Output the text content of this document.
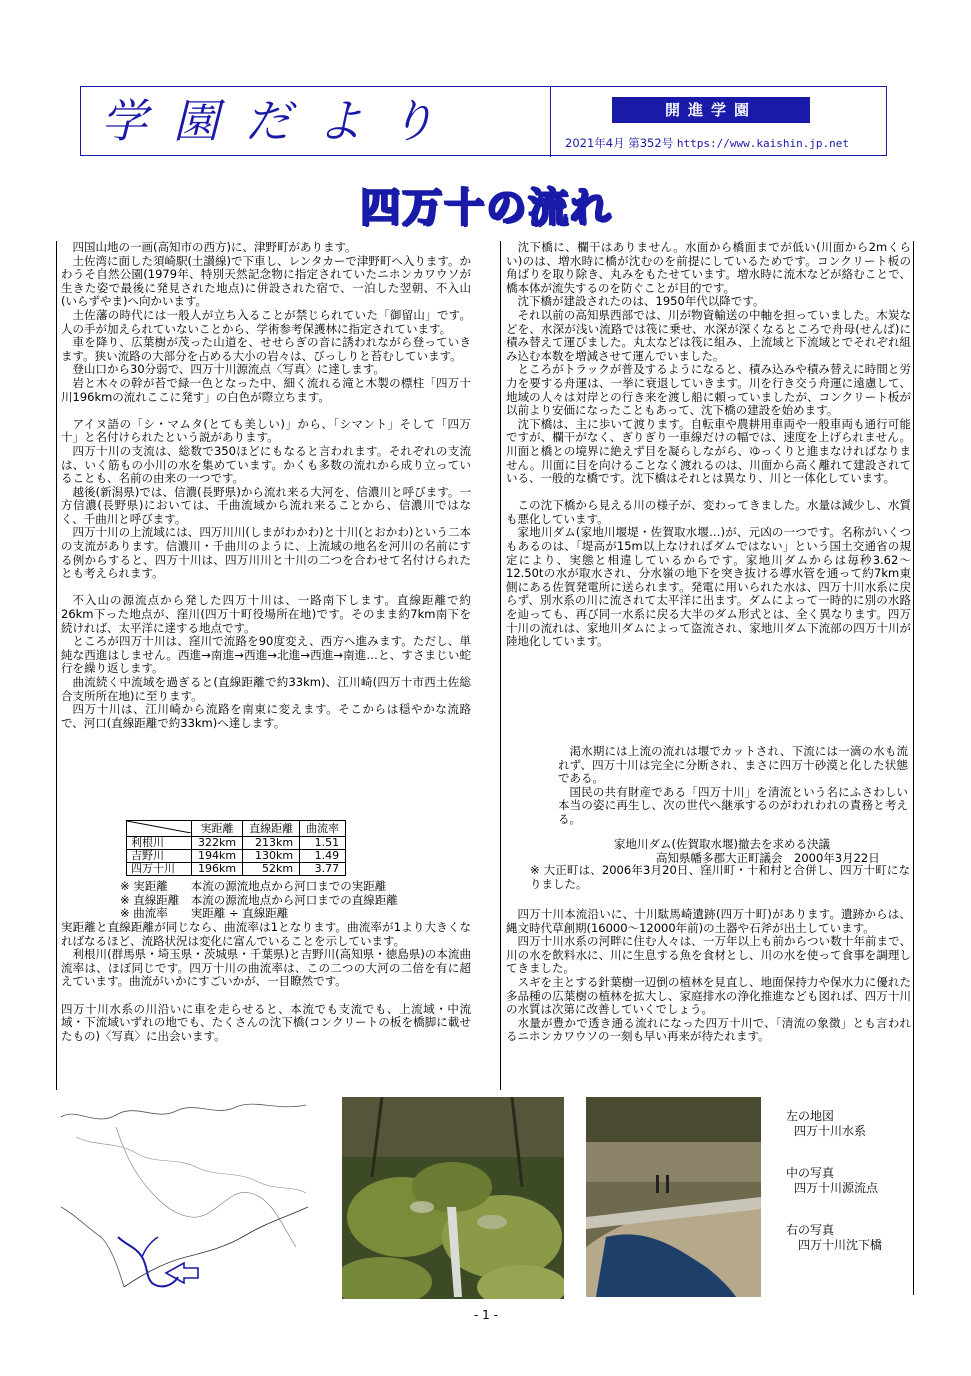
学園だより	開進学園
2021年4月 第352号 https://www.kaishin.jp.net
四万十の流れ

四国山地の一画(高知市の西方)に、津野町があります。

土佐湾に面した須崎駅(土讃線)で下車し、レンタカーで津野町へ入ります。かわうそ自然公園(1979年、特別天然記念物に指定されていたニホンカワウソが生きた姿で最後に発見された地点)に併設された宿で、一泊した翌朝、不入山(いらずやま)へ向かいます。

土佐藩の時代には一般人が立ち入ることが禁じられていた「御留山」です。人の手が加えられていないことから、学術参考保護林に指定されています。

車を降り、広葉樹が茂った山道を、せせらぎの音に誘われながら登っていきます。狭い流路の大部分を占める大小の岩々は、びっしりと苔むしています。

登山口から30分弱で、四万十川源流点〈写真〉に達します。

岩と木々の幹が苔で緑一色となった中、細く流れる滝と木製の標柱「四万十川196kmの流れここに発す」の白色が際立ちます。

アイヌ語の「シ・マムタ(とても美しい)」から、「シマント」そして「四万十」と名付けられたという説があります。

四万十川の支流は、総数で350ほどにもなると言われます。それぞれの支流は、いく筋もの小川の水を集めています。かくも多数の流れから成り立っていることも、名前の由来の一つです。

越後(新潟県)では、信濃(長野県)から流れ来る大河を、信濃川と呼びます。一方信濃(長野県)においては、千曲流域から流れ来ることから、信濃川ではなく、千曲川と呼びます。

四万十川の上流域には、四万川川(しまがわかわ)と十川(とおかわ)という二本の支流があります。信濃川・千曲川のように、上流域の地名を河川の名前にする例からすると、四万十川は、四万川川と十川の二つを合わせて名付けられたとも考えられます。

不入山の源流点から発した四万十川は、一路南下します。直線距離で約26km下った地点が、窪川(四万十町役場所在地)です。そのまま約7km南下を続ければ、太平洋に達する地点です。

ところが四万十川は、窪川で流路を90度変え、西方へ進みます。ただし、単純な西進はしません。西進→南進→西進→北進→西進→南進…と、すさまじい蛇行を繰り返します。

曲流続く中流域を過ぎると(直線距離で約33km)、江川崎(四万十市西土佐総合支所所在地)に至ります。

四万十川は、江川崎から流路を南東に変えます。そこからは穏やかな流路で、河口(直線距離で約33km)へ達します。

	実距離	直線距離	曲流率
利根川	322km	213km	1.51
吉野川	194km	130km	1.49
四万十川	196km	52km	3.77
※ 実距離　　本流の源流地点から河口までの実距離
※ 直線距離　本流の源流地点から河口までの直線距離
※ 曲流率　　実距離 ÷ 直線距離

実距離と直線距離が同じなら、曲流率は1となります。曲流率が1より大きくなればなるほど、流路状況は変化に富んでいることを示しています。

利根川(群馬県・埼玉県・茨城県・千葉県)と吉野川(高知県・徳島県)の本流曲流率は、ほぼ同じです。四万十川の曲流率は、この二つの大河の二倍を有に超えています。曲流がいかにすごいかが、一目瞭然です。

四万十川水系の川沿いに車を走らせると、本流でも支流でも、上流域・中流域・下流域いずれの地でも、たくさんの沈下橋(コンクリートの板を橋脚に載せたもの)〈写真〉に出会います。

沈下橋に、欄干はありません。水面から橋面までが低い(川面から2mくらい)のは、増水時に橋が沈むのを前提にしているためです。コンクリート板の角ばりを取り除き、丸みをもたせています。増水時に流木などが絡むことで、橋本体が流失するのを防ぐことが目的です。

沈下橋が建設されたのは、1950年代以降です。

それ以前の高知県西部では、川が物資輸送の中軸を担っていました。木炭などを、水深が浅い流路では筏に乗せ、水深が深くなるところで舟母(せんば)に積み替えて運びました。丸太などは筏に組み、上流域と下流域とでそれぞれ組み込む本数を増減させて運んでいました。

ところがトラックが普及するようになると、積み込みや積み替えに時間と労力を要する舟運は、一挙に衰退していきます。川を行き交う舟運に遠慮して、地域の人々は対岸との行き来を渡し船に頼っていましたが、コンクリート板が以前より安価になったこともあって、沈下橋の建設を始めます。

沈下橋は、主に歩いて渡ります。自転車や農耕用車両や一般車両も通行可能ですが、欄干がなく、ぎりぎり一車線だけの幅では、速度を上げられません。川面と橋との境界に絶えず目を凝らしながら、ゆっくりと進まなければなりません。川面に目を向けることなく渡れるのは、川面から高く離れて建設されている、一般的な橋です。沈下橋はそれとは異なり、川と一体化しています。

この沈下橋から見える川の様子が、変わってきました。水量は減少し、水質も悪化しています。

家地川ダム(家地川堰堤・佐賀取水堰…)が、元凶の一つです。名称がいくつもあるのは、「堤高が15m以上なければダムではない」という国土交通省の規定により、実態と相違しているからです。家地川ダムからは毎秒3.62～12.50tの水が取水され、分水嶺の地下を突き抜ける導水管を通って約7km東側にある佐賀発電所に送られます。発電に用いられた水は、四万十川水系に戻らず、別水系の川に流されて太平洋に出ます。ダムによって一時的に別の水路を辿っても、再び同一水系に戻る大半のダム形式とは、全く異なります。四万十川の流れは、家地川ダムによって盗流され、家地川ダム下流部の四万十川が陸地化しています。

渇水期には上流の流れは堰でカットされ、下流には一滴の水も流れず、四万十川は完全に分断され、まさに四万十砂漠と化した状態である。

国民の共有財産である「四万十川」を清流という名にふさわしい本当の姿に再生し、次の世代へ継承するのがわれわれの責務と考える。

家地川ダム(佐賀取水堰)撤去を求める決議
高知県幡多郡大正町議会　2000年3月22日

※ 大正町は、2006年3月20日、窪川町・十和村と合併し、四万十町になりました。

四万十川本流沿いに、十川駄馬崎遺跡(四万十町)があります。遺跡からは、縄文時代草創期(16000～12000年前)の土器や石斧が出土しています。

四万十川水系の河畔に住む人々は、一万年以上も前からつい数十年前まで、川の水を飲料水に、川に生息する魚を食材とし、川の水を使って食事を調理してきました。

スギを主とする針葉樹一辺倒の植林を見直し、地面保持力や保水力に優れた多品種の広葉樹の植林を拡大し、家庭排水の浄化推進なども図れば、四万十川の水質は次第に改善していくでしょう。

水量が豊かで透き通る流れになった四万十川で、「清流の象徴」とも言われるニホンカワウソの一刻も早い再来が待たれます。

左の地図
四万十川水系
中の写真
四万十川源流点
右の写真
四万十川沈下橋
- 1 -
